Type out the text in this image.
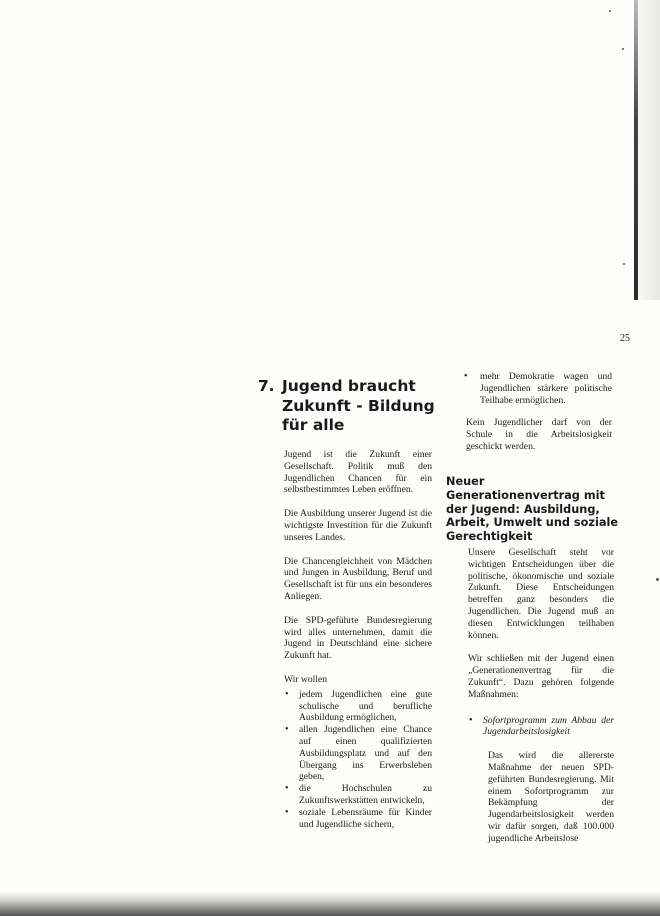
25
7. Jugend braucht Zukunft - Bildung für alle

Jugend ist die Zukunft einer Gesellschaft. Politik muß den Jugendlichen Chancen für ein selbstbestimmtes Leben eröffnen.

Die Ausbildung unserer Jugend ist die wichtigste Investition für die Zukunft unseres Landes.

Die Chancengleichheit von Mädchen und Jungen in Ausbildung, Beruf und Gesellschaft ist für uns ein besonderes Anliegen.

Die SPD-geführte Bundesregierung wird alles unternehmen, damit die Jugend in Deutschland eine sichere Zukunft hat.

Wir wollen

• jedem Jugendlichen eine gute schulische und berufliche Ausbildung ermöglichen,
• allen Jugendlichen eine Chance auf einen qualifizierten Ausbildungsplatz und auf den Übergang ins Erwerbsleben geben,
• die Hochschulen zu Zukunftswerkstätten entwickeln,
• soziale Lebensräume für Kinder und Jugendliche sichern,
• mehr Demokratie wagen und Jugendlichen stärkere politische Teilhabe ermöglichen.

Kein Jugendlicher darf von der Schule in die Arbeitslosigkeit geschickt werden.

Neuer Generationenvertrag mit der Jugend: Ausbildung, Arbeit, Umwelt und soziale Gerechtigkeit

Unsere Gesellschaft steht vor wichtigen Entscheidungen über die politische, ökonomische und soziale Zukunft. Diese Entscheidungen betreffen ganz besonders die Jugendlichen. Die Jugend muß an diesen Entwicklungen teilhaben können.

Wir schließen mit der Jugend einen „Generationenvertrag für die Zukunft“. Dazu gehören folgende Maßnahmen:

• Sofortprogramm zum Abbau der Jugendarbeitslosigkeit

Das wird die allererste Maßnahme der neuen SPD-geführten Bundesregierung. Mit einem Sofortprogramm zur Bekämpfung der Jugendarbeitslosigkeit werden wir dafür sorgen, daß 100.000 jugendliche Arbeitslose
